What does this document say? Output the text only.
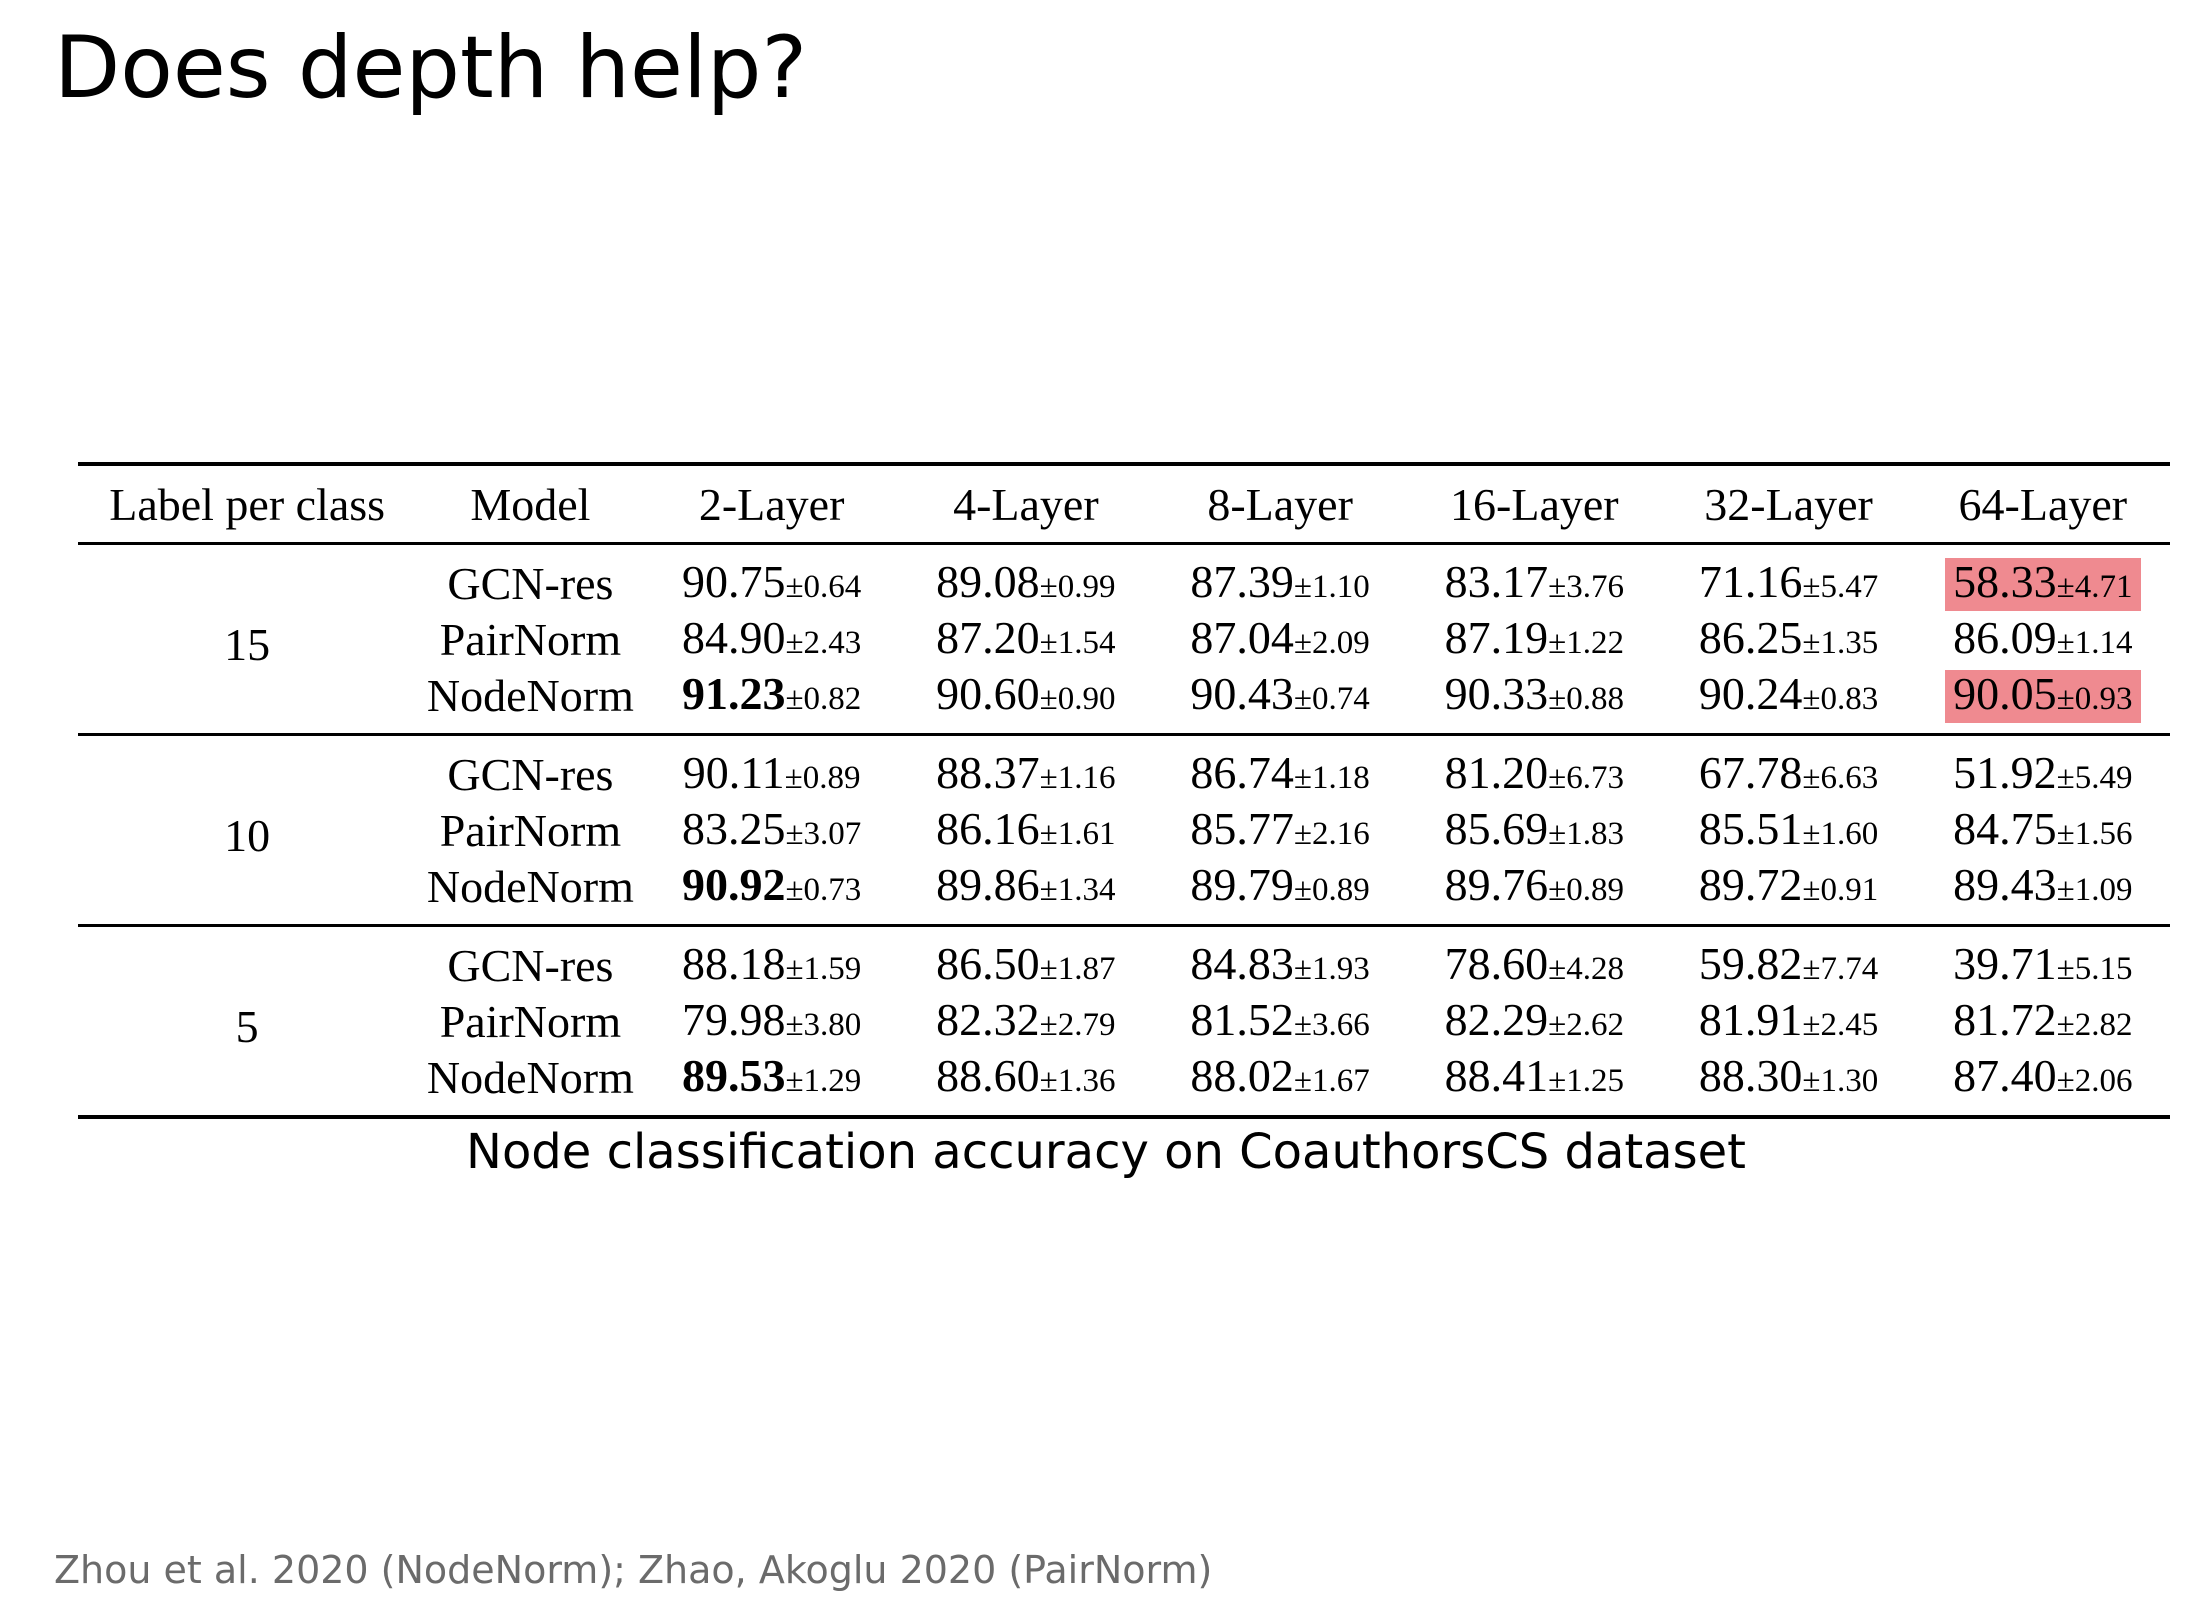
Does depth help?
Label per class	Model	2-Layer	4-Layer	8-Layer	16-Layer	32-Layer	64-Layer
15	GCN-res	90.75±0.64	89.08±0.99	87.39±1.10	83.17±3.76	71.16±5.47	58.33±4.71
	PairNorm	84.90±2.43	87.20±1.54	87.04±2.09	87.19±1.22	86.25±1.35	86.09±1.14
	NodeNorm	91.23±0.82	90.60±0.90	90.43±0.74	90.33±0.88	90.24±0.83	90.05±0.93
10	GCN-res	90.11±0.89	88.37±1.16	86.74±1.18	81.20±6.73	67.78±6.63	51.92±5.49
	PairNorm	83.25±3.07	86.16±1.61	85.77±2.16	85.69±1.83	85.51±1.60	84.75±1.56
	NodeNorm	90.92±0.73	89.86±1.34	89.79±0.89	89.76±0.89	89.72±0.91	89.43±1.09
5	GCN-res	88.18±1.59	86.50±1.87	84.83±1.93	78.60±4.28	59.82±7.74	39.71±5.15
	PairNorm	79.98±3.80	82.32±2.79	81.52±3.66	82.29±2.62	81.91±2.45	81.72±2.82
	NodeNorm	89.53±1.29	88.60±1.36	88.02±1.67	88.41±1.25	88.30±1.30	87.40±2.06
Node classification accuracy on CoauthorsCS dataset
Zhou et al. 2020 (NodeNorm); Zhao, Akoglu 2020 (PairNorm)
